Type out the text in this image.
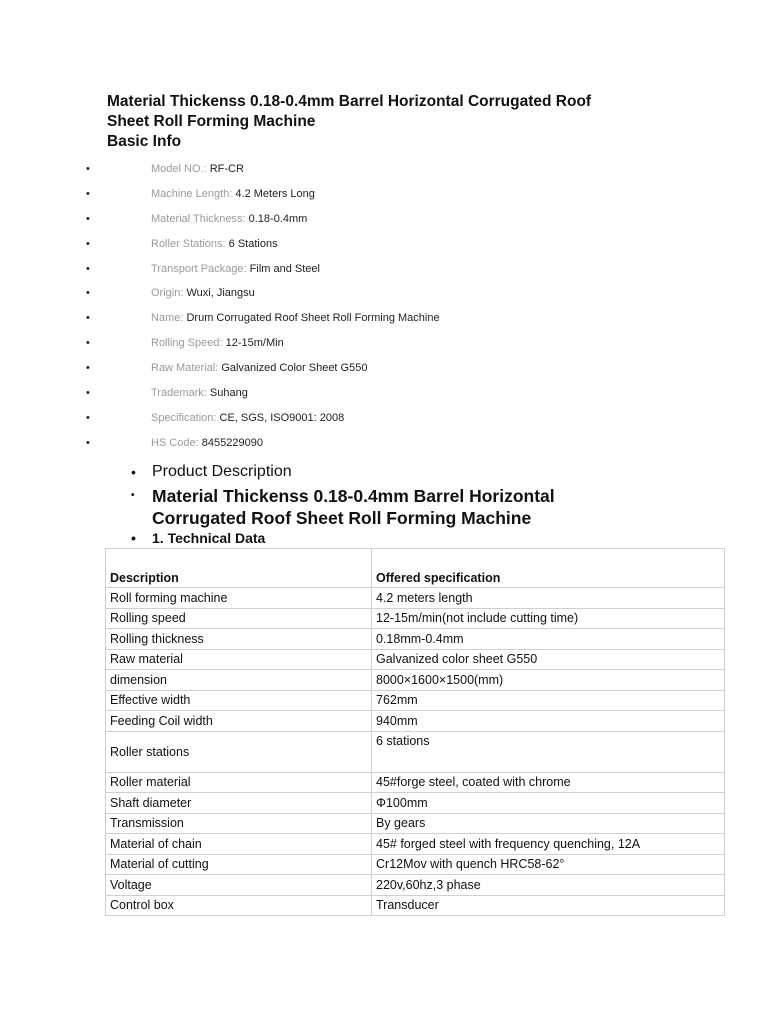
Material Thickenss 0.18-0.4mm Barrel Horizontal Corrugated Roof
Sheet Roll Forming Machine
Basic Info
•	Model NO.: RF-CR
•	Machine Length: 4.2 Meters Long
•	Material Thickness: 0.18-0.4mm
•	Roller Stations: 6 Stations
•	Transport Package: Film and Steel
•	Origin: Wuxi, Jiangsu
•	Name: Drum Corrugated Roof Sheet Roll Forming Machine
•	Rolling Speed: 12-15m/Min
•	Raw Material: Galvanized Color Sheet G550
•	Trademark: Suhang
•	Specification: CE, SGS, ISO9001: 2008
•	HS Code: 8455229090
• Product Description
• Material Thickenss 0.18-0.4mm Barrel Horizontal Corrugated Roof Sheet Roll Forming Machine
• 1. Technical Data
Description	Offered specification
Roll forming machine	4.2 meters length
Rolling speed	12-15m/min(not include cutting time)
Rolling thickness	0.18mm-0.4mm
Raw material	Galvanized color sheet G550
dimension	8000×1600×1500(mm)
Effective width	762mm
Feeding Coil width	940mm
Roller stations	6 stations
Roller material	45#forge steel, coated with chrome
Shaft diameter	Φ100mm
Transmission	By gears
Material of chain	45# forged steel with frequency quenching, 12A
Material of cutting	Cr12Mov with quench HRC58-62°
Voltage	220v,60hz,3 phase
Control box	Transducer
